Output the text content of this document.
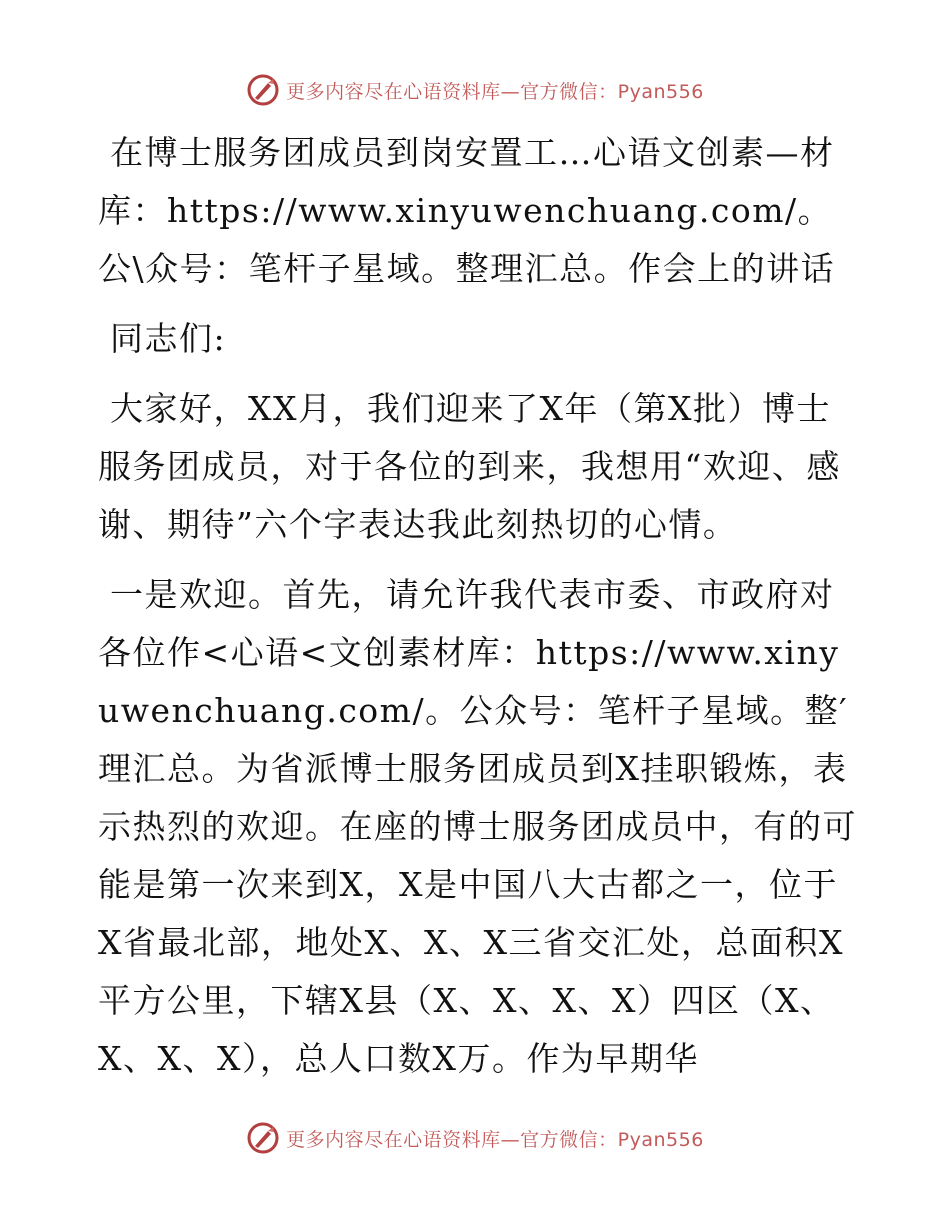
更多内容尽在心语资料库—官方微信：Pyan556

在博士服务团成员到岗安置工…心语文创素—材库：https://www.xinyuwenchuang.com/。公\众号：笔杆子星域。整理汇总。作会上的讲话

同志们:

大家好，XX月，我们迎来了X年（第X批）博士服务团成员，对于各位的到来，我想用“欢迎、感谢、期待”六个字表达我此刻热切的心情。

一是欢迎。首先，请允许我代表市委、市政府对各位作<心语<文创素材库：https://www.xinyuwenchuang.com/。公众号：笔杆子星域。整′理汇总。为省派博士服务团成员到X挂职锻炼，表示热烈的欢迎。在座的博士服务团成员中，有的可能是第一次来到X，X是中国八大古都之一，位于X省最北部，地处X、X、X三省交汇处，总面积X平方公里，下辖X县（X、X、X、X）四区（X、X、X、X），总人口数X万。作为早期华

更多内容尽在心语资料库—官方微信：Pyan556
